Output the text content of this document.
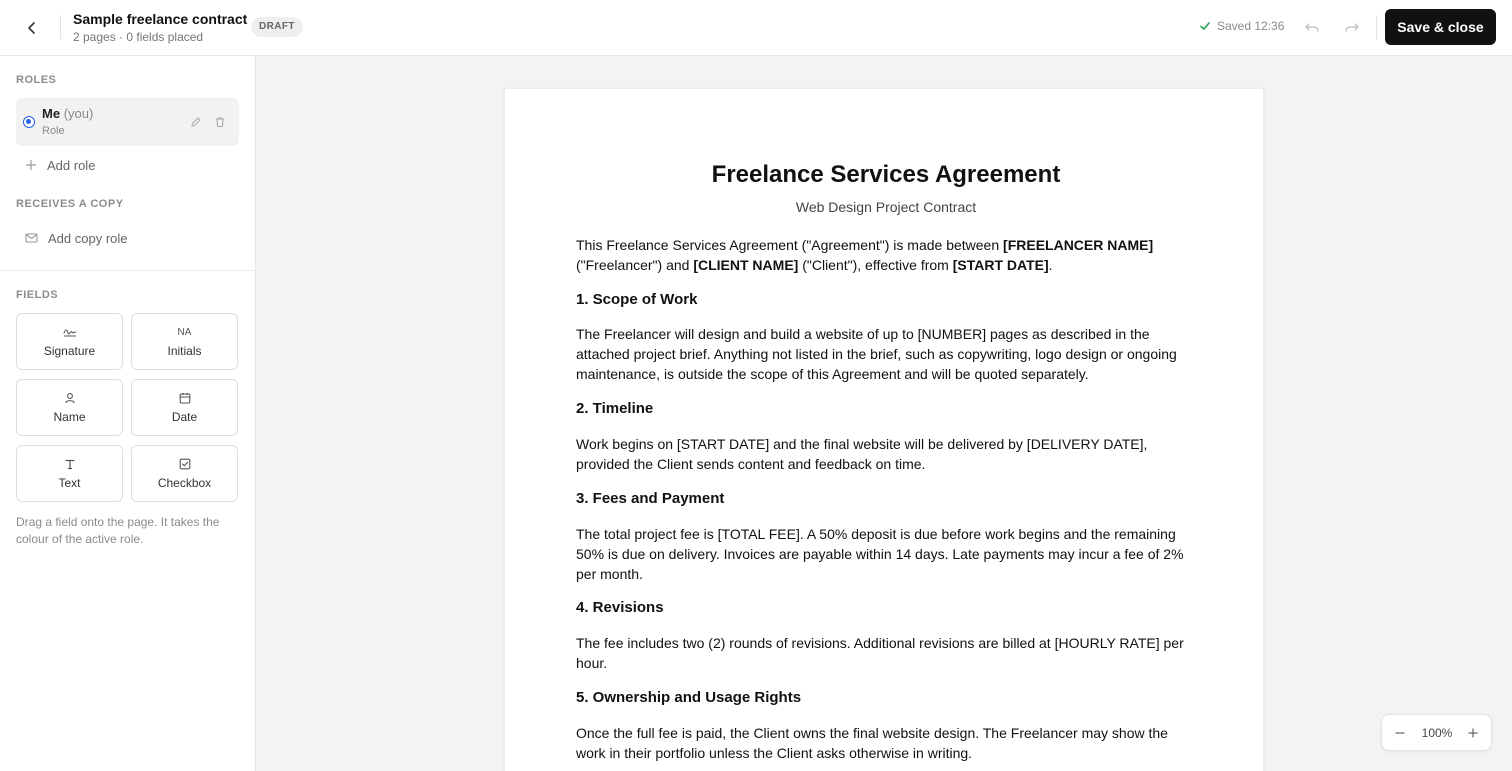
Sample freelance contract
2 pages · 0 fields placed
DRAFT	Saved 12:36	Save & close
ROLES
Me (you)
Role
Add role
RECEIVES A COPY
Add copy role
FIELDS
Signature
NA
Initials
Name	Date
Text	Checkbox
Drag a field onto the page. It takes the colour of the active role.
Freelance Services Agreement
Web Design Project Contract
This Freelance Services Agreement ("Agreement") is made between [FREELANCER NAME] ("Freelancer") and [CLIENT NAME] ("Client"), effective from [START DATE].
1. Scope of Work
The Freelancer will design and build a website of up to [NUMBER] pages as described in the attached project brief. Anything not listed in the brief, such as copywriting, logo design or ongoing maintenance, is outside the scope of this Agreement and will be quoted separately.
2. Timeline
Work begins on [START DATE] and the final website will be delivered by [DELIVERY DATE], provided the Client sends content and feedback on time.
3. Fees and Payment
The total project fee is [TOTAL FEE]. A 50% deposit is due before work begins and the remaining 50% is due on delivery. Invoices are payable within 14 days. Late payments may incur a fee of 2% per month.
4. Revisions
The fee includes two (2) rounds of revisions. Additional revisions are billed at [HOURLY RATE] per hour.
5. Ownership and Usage Rights
Once the full fee is paid, the Client owns the final website design. The Freelancer may show the work in their portfolio unless the Client asks otherwise in writing.
100%
